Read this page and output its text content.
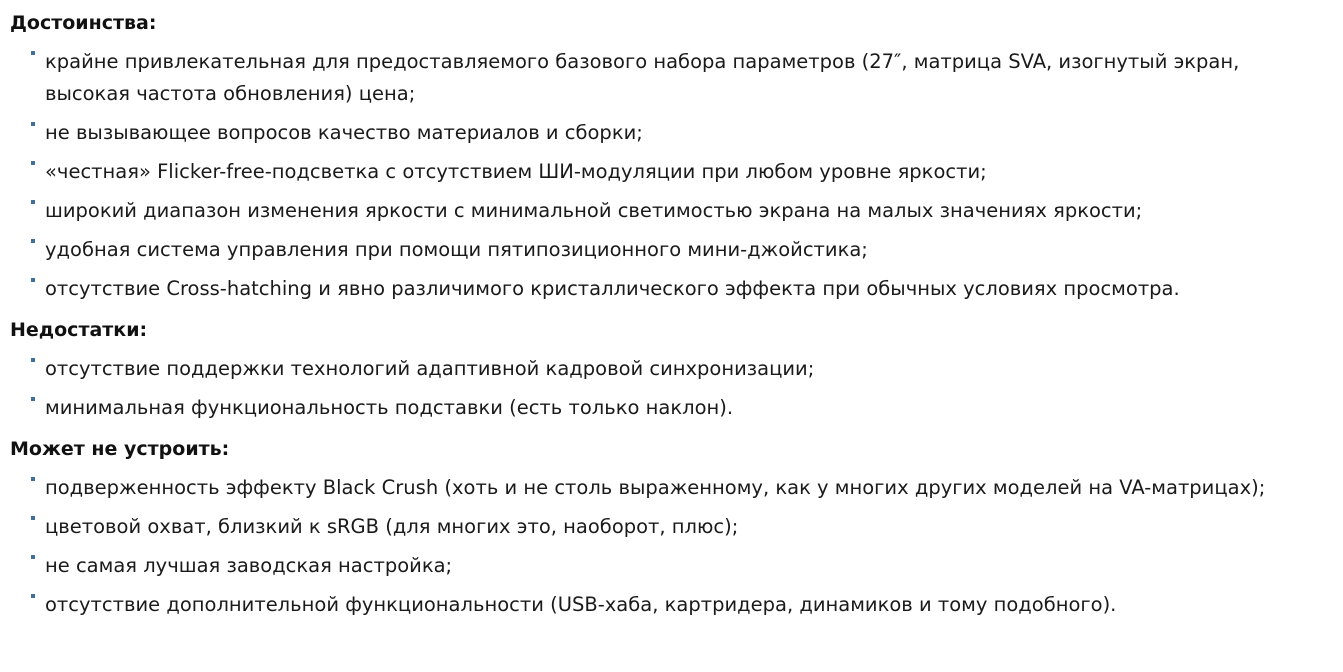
Достоинства:
крайне привлекательная для предоставляемого базового набора параметров (27″, матрица SVA, изогнутый экран, высокая частота обновления) цена;
не вызывающее вопросов качество материалов и сборки;
«честная» Flicker-free-подсветка с отсутствием ШИ-модуляции при любом уровне яркости;
широкий диапазон изменения яркости с минимальной светимостью экрана на малых значениях яркости;
удобная система управления при помощи пятипозиционного мини-джойстика;
отсутствие Cross-hatching и явно различимого кристаллического эффекта при обычных условиях просмотра.
Недостатки:
отсутствие поддержки технологий адаптивной кадровой синхронизации;
минимальная функциональность подставки (есть только наклон).
Может не устроить:
подверженность эффекту Black Crush (хоть и не столь выраженному, как у многих других моделей на VA-матрицах);
цветовой охват, близкий к sRGB (для многих это, наоборот, плюс);
не самая лучшая заводская настройка;
отсутствие дополнительной функциональности (USB-хаба, картридера, динамиков и тому подобного).
